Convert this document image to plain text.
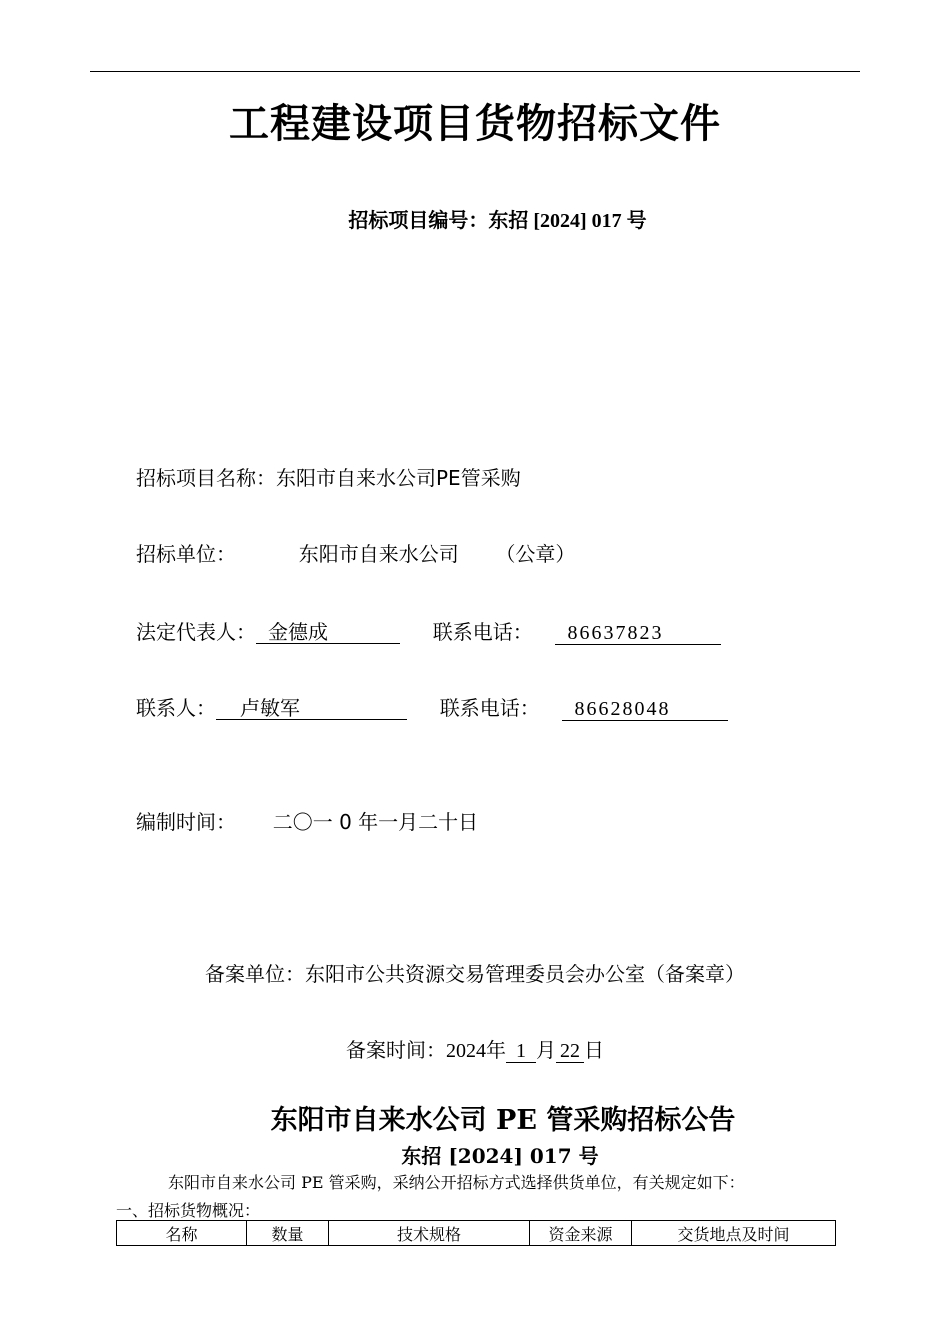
工程建设项目货物招标文件
招标项目编号：东招 [2024] 017 号
招标项目名称：东阳市自来水公司PE管采购
招标单位：	东阳市自来水公司 （公章）
法定代表人： 金德成	联系电话： 86637823
联系人： 卢敏军	联系电话： 86628048
编制时间： 二〇一 0 年一月二十日
备案单位：东阳市公共资源交易管理委员会办公室（备案章）
备案时间：2024年 1 月 22 日
东阳市自来水公司 PE 管采购招标公告
东招 [2024] 017 号
东阳市自来水公司 PE 管采购，采纳公开招标方式选择供货单位，有关规定如下：
一、招标货物概况：
名称	数量	技术规格	资金来源	交货地点及时间
